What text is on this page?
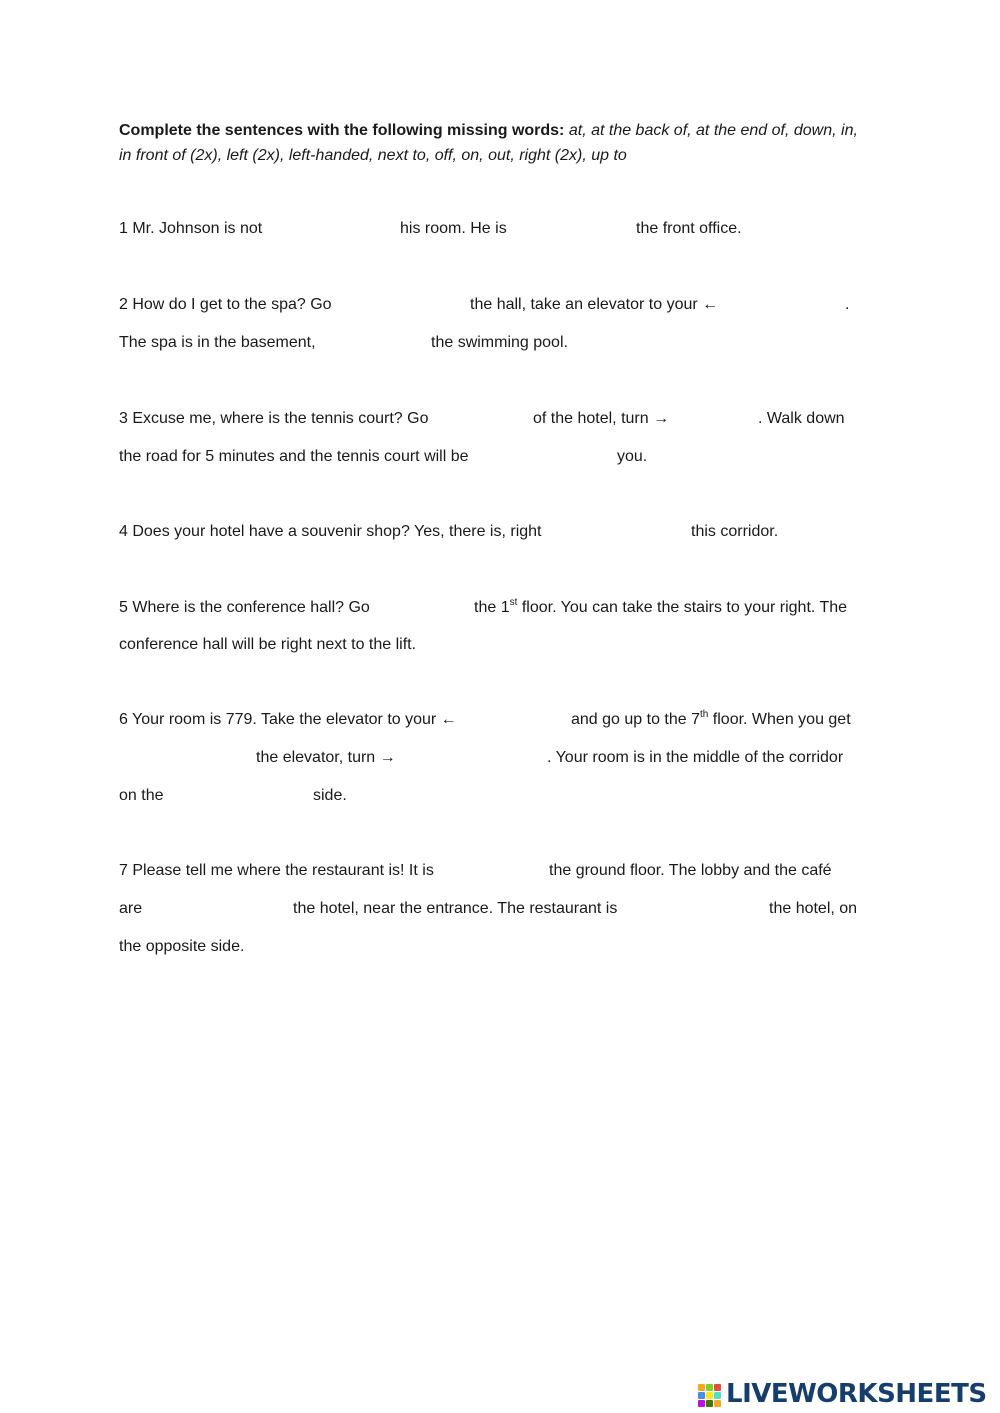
Complete the sentences with the following missing words: at, at the back of, at the end of, down, in,
in front of (2x), left (2x), left-handed, next to, off, on, out, right (2x), up to
1 Mr. Johnson is not	his room. He is	the front office.
2 How do I get to the spa? Go	the hall, take an elevator to your ←	.
The spa is in the basement,	the swimming pool.
3 Excuse me, where is the tennis court? Go	of the hotel, turn →	. Walk down
the road for 5 minutes and the tennis court will be	you.
4 Does your hotel have a souvenir shop? Yes, there is, right	this corridor.
5 Where is the conference hall? Go	the 1st floor. You can take the stairs to your right. The
conference hall will be right next to the lift.
6 Your room is 779. Take the elevator to your ←	and go up to the 7th floor. When you get
the elevator, turn →	. Your room is in the middle of the corridor
on the	side.
7 Please tell me where the restaurant is! It is	the ground floor. The lobby and the café
are	the hotel, near the entrance. The restaurant is	the hotel, on
the opposite side.
LIVEWORKSHEETS
